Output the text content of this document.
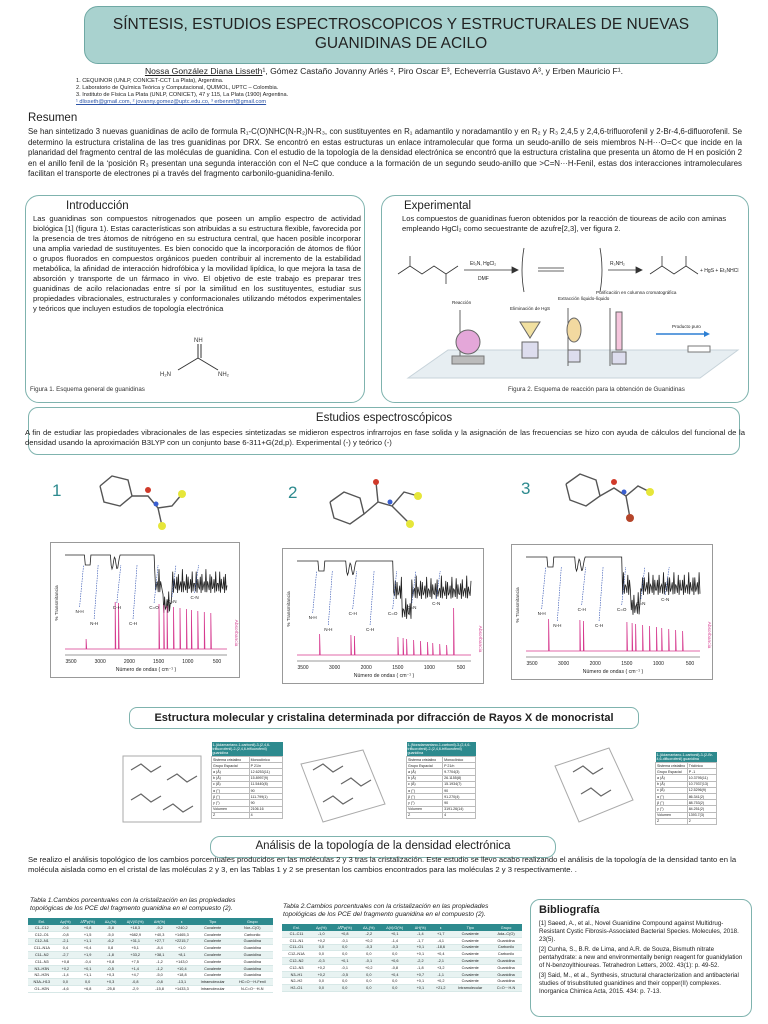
SÍNTESIS, ESTUDIOS ESPECTROSCOPICOS Y ESTRUCTURALES DE NUEVAS
GUANIDINAS DE ACILO
Nossa González Diana Lisseth¹, Gómez Castaño Jovanny Arlés ², Piro Oscar E³, Echeverría Gustavo A³, y Erben Mauricio F¹.
1. CEQUINOR (UNLP, CONICET-CCT La Plata), Argentina.
2. Laboratorio de Química Teórica y Computacional, QUIMOL, UPTC – Colombia.
3. Instituto de Física La Plata (UNLP, CONICET), 47 y 115, La Plata (1900) Argentina.
¹ dlisseth@gmail.com, ² jovanny.gomez@uptc.edu.co, ³ erbenmf@gmail.com
Resumen
Se han sintetizado 3 nuevas guanidinas de acilo de formula R₁-C(O)NHC(N-R₂)N-R₃, con sustituyentes en R₁ adamantilo y noradamantilo y en R₂ y R₃ 2,4,5 y 2,4,6-trifluorofenil y 2-Br-4,6-difluorofenil. Se determino la estructura cristalina de las tres guanidinas por DRX. Se encontró en estas estructuras un enlace intramolecular que forma un seudo-anillo de seis miembros N-H···O=C< que incide en la planaridad del fragmento central de las moléculas de guanidina. Con el estudio de la topología de la densidad electrónica se encontró que la estructura cristalina que presenta un átomo de H en posición 2 en el anillo fenil de la ʻposición R₃ presentan una segunda interacción con el N=C que conduce a la formación de un segundo seudo-anillo que >C=N···H-Fenil, estas dos interacciones intramoleculares facilitan el transporte de electrones pi a través del fragmento carbonilo-guanidina-fenilo.
Introducción
Las guanidinas son compuestos nitrogenados que poseen un amplio espectro de actividad biológica [1] (figura 1). Estas características son atribuidas a su estructura flexible, favorecida por la presencia de tres átomos de nitrógeno en su estructura central, que hacen posible incorporar una amplia variedad de sustituyentes. Es bien conocido que la incorporación de átomos de flúor o grupos fluorados en compuestos orgánicos pueden contribuir al incremento de la estabilidad metabólica, la afinidad de interacción hidrofóbica y la movilidad lipídica, lo que mejora la tasa de absorción y transporte de un fármaco in vivo. El objetivo de este trabajo es preparar tres guanidinas de acilo relacionadas entre sí por la similitud en los sustituyentes, estudiar sus propiedades vibracionales, estructurales y conformacionales utilizando métodos experimentales y teóricos que incluyen estudios de topología electrónica
NH
H₂N	NH₂
Figura 1. Esquema general de guanidinas
Experimental
Los compuestos de guanidinas fueron obtenidos por la reacción de tioureas de acilo con aminas empleando HgCl₂ como secuestrante de azufre[2,3], ver figura 2.
Et₃N, HgCl₂
DMF
R₃NH₂
+ HgS + Et₃NHCl
Reacción
Eliminación de HgS
Extracción líquido-líquido
Purificación en columna cromatográfica
Producto puro
Figura 2. Esquema de reacción para la obtención de Guanidinas
Estudios espectroscópicos
A fin de estudiar las propiedades vibracionales de las especies sintetizadas se midieron espectros infrarrojos en fase solida y la asignación de las frecuencias se hizo con ayuda de cálculos del funcional de la densidad usando la aproximación B3LYP con un conjunto base 6-311+G(2d,p). Experimental (-) y teórico (-)
1	2	3
3500	3000	2000	1500	1000	500
Número de ondas ( cm⁻¹ )
% Transmitancia
Absorbancia
N-H
C-H	C=O
C=N
C-N
N-H	C-H
3500	3000	2000	1500	1000	500
Número de ondas ( cm⁻¹ )
% Transmitancia
Absorbancia
N-H
C-H	C=O
C=N
C-N
N-H	C-H
3500	3000	2000	1500	1000	500
Número de ondas ( cm⁻¹ )
% Transmitancia
Absorbancia
N-H
C-H	C=O
C=N
C-N
N-H	C-H
Estructura molecular y cristalina determinada por difracción de Rayos X de monocristal
1-(Adamantano-1-carbonil)-3-(2,4,6-trifluorofenil)-2-(2,4,6-trifluorofenil) guanidina	
Sistema cristalino	Monoclínico
Grupo Espacial	P 21/n
a (Å)	12.6253(11)
b (Å)	15.8997(9)
c (Å)	11.5440(8)
α (°)	90
β (°)	111.799(1)
γ (°)	90
Volumen	2106.16
Z	4
1-(Noradamantano-1-carbonil)-3-(2,4,6-trifluorofenil)-2-(2,4,6-trifluorofenil) guanidina	
Sistema cristalino	Monoclínico
Grupo Espacial	P 21/n
a (Å)	9.7704(3)
b (Å)	26.1155(8)
c (Å)	15.1934(7)
α (°)	90
β (°)	91.270(4)
γ (°)	90
Volumen	3191.26(14)
Z	4
1-(Adamantano-1-carbonil)-3-(2-Br-4,6-difluorofenil) guanidina	
Sistema cristalino	Triclínico
Grupo Espacial	P -1
a (Å)	10.3795(11)
b (Å)	10.7937(13)
c (Å)	12.5296(9)
α (°)	86.341(2)
β (°)	88.753(2)
γ (°)	84.251(2)
Volumen	1393.7(3)
Z	2
Análisis de la topología de la densidad electrónica
Se realizo el análisis topológico de los cambios porcentuales producidos en las moléculas 2 y 3 tras la cristalización. Este estudio se llevo acabo realizando el análisis de la topología de la densidad tanto en la molécula aislada como en el cristal de las moléculas 2 y 3, en las Tablas 1 y 2 se presentan los cambios encontrados para las moléculas 2 y 3 respectivamente. .
Tabla 1.Cambios porcentuales con la cristalización en las propiedades topológicas de los PCE del fragmento guanidina en el compuesto (2).
Enl.	Δρ(%)	Δ∇²ρ(%)	Δλ₁(%)	Δ|V|/G(%)	ΔH(%)	ε	Tipo	Grupo
C1–C12	-0,6	+0,8	-5,8	+18,3	-9,2	+240,2	Covalente	Nor–C(O)
C12–O1	-0,8	+1,5	-5,0	+682,9	+40,3	+1465,3	Covalente	Carbonilo
C12–N1	-2,1	+1,1	-6,2	+31,1	+27,7	+2215,7	Covalente	Guanidina
C11–N1A	0,4	+0,4	0,8	+5,1	-8,4	+1,0	Covalente	Guanidina
C11–N2	-2,7	+1,9	-1,8	+33,2	+38,1	+8,1	Covalente	Guanidina
C11–N3	+0,8	-0,4	+0,8	+7,5	-1,2	+143,0	Covalente	Guanidina
N3–H3N	+0,2	+0,1	-0,5	+1,4	-1,2	+10,4	Covalente	Guanidina
N2–H2N	-1,4	+1,1	+0,3	+4,7	-5,0	+18,8	Covalente	Guanidina
N3A–H13	0,0	0,0	+0,3	-0,8	-0,8	-13,1	Intramolecular	HC=O···H-Fenil
O1–H2N	-4,6	+6,8	-25,8	-2,9	-15,8	+1433,3	Intramolecular	N-C=O···H-N
Tabla 2.Cambios porcentuales con la cristalización en las propiedades topológicas de los PCE del fragmento guanidina en el compuesto (2).
Enl.	Δρ(%)	Δ∇²ρ(%)	Δλ₁(%)	Δ|V|/G(%)	ΔH(%)	ε	Tipo	Grupo
C1–C11	-1,0	+0,8	-2,2	+0,1	-1,4	+1,7	Covalente	Ada–C(O)
C11–N1	+0,2	-0,1	+0,2	-1,4	-1,7	-4,1	Covalente	Guanidina
C11–O1	0,0	0,0	-0,3	-0,3	+0,1	-18,6	Covalente	Carbonilo
C12–N1A	0,0	0,0	0,0	0,0	+0,1	+0,4	Covalente	Carbonilo
C12–N2	-0,3	+0,1	-0,1	+0,6	-2,2	-2,1	Covalente	Guanidina
C12–N3	+0,2	-0,1	+0,2	-0,8	-1,8	+3,2	Covalente	Guanidina
N3–H1	+0,2	-0,5	0,0	+0,4	+0,7	-1,1	Covalente	Guanidina
N2–H2	0,0	0,0	0,0	0,0	+0,1	+0,2	Covalente	Guanidina
H2–O1	0,0	0,0	0,0	0,0	+0,1	+21,2	Intramolecular	C=O···H-N
Bibliografía

[1] Saeed, A., et al., Novel Guanidine Compound against Multidrug-Resistant Cystic Fibrosis-Associated Bacterial Species. Molecules, 2018. 23(5).

[2] Cunha, S., B.R. de Lima, and A.R. de Souza, Bismuth nitrate pentahydrate: a new and environmentally benign reagent for guanidylation of N-benzoylthioureas. Tetrahedron Letters, 2002. 43(1): p. 49-52.

[3] Said, M., et al., Synthesis, structural characterization and antibacterial studies of trisubstituted guanidines and their copper(II) complexes. Inorganica Chimica Acta, 2015. 434: p. 7-13.
